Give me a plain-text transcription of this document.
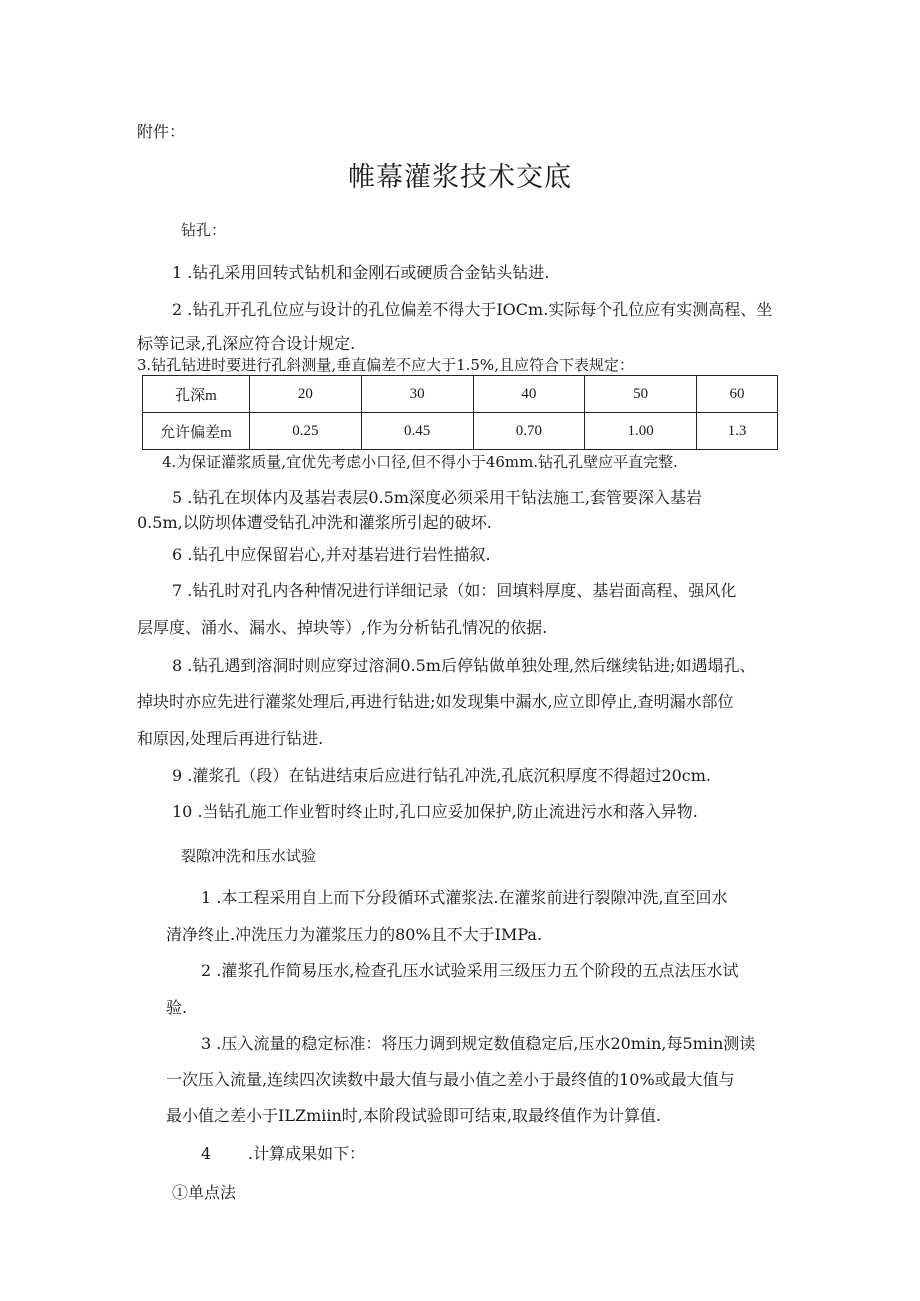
附件：
帷幕灌浆技术交底
钻孔：
1 .钻孔采用回转式钻机和金刚石或硬质合金钻头钻进.
2 .钻孔开孔孔位应与设计的孔位偏差不得大于IOCm.实际每个孔位应有实测高程、坐
标等记录,孔深应符合设计规定.
3.钻孔钻进时要进行孔斜测量,垂直偏差不应大于1.5%,且应符合下表规定：
孔深m	20	30	40	50	60
允许偏差m	0.25	0.45	0.70	1.00	1.3
4.为保证灌浆质量,宜优先考虑小口径,但不得小于46mm.钻孔孔壁应平直完整.
5 .钻孔在坝体内及基岩表层0.5m深度必须采用干钻法施工,套管要深入基岩
0.5m,以防坝体遭受钻孔冲洗和灌浆所引起的破坏.
6 .钻孔中应保留岩心,并对基岩进行岩性描叙.
7 .钻孔时对孔内各种情况进行详细记录（如：回填料厚度、基岩面高程、强风化
层厚度、涌水、漏水、掉块等）,作为分析钻孔情况的依据.
8 .钻孔遇到溶洞时则应穿过溶洞0.5m后停钻做单独处理,然后继续钻进;如遇塌孔、
掉块时亦应先进行灌浆处理后,再进行钻进;如发现集中漏水,应立即停止,查明漏水部位
和原因,处理后再进行钻进.
9 .灌浆孔（段）在钻进结束后应进行钻孔冲洗,孔底沉积厚度不得超过20cm.
10 .当钻孔施工作业暂时终止时,孔口应妥加保护,防止流进污水和落入异物.
裂隙冲洗和压水试验
1 .本工程采用自上而下分段循环式灌浆法.在灌浆前进行裂隙冲洗,直至回水
清净终止.冲洗压力为灌浆压力的80%且不大于IMPa.
2 .灌浆孔作简易压水,检查孔压水试验采用三级压力五个阶段的五点法压水试
验.
3 .压入流量的稳定标准：将压力调到规定数值稳定后,压水20min,每5min测读
一次压入流量,连续四次读数中最大值与最小值之差小于最终值的10%或最大值与
最小值之差小于ILZmiin时,本阶段试验即可结束,取最终值作为计算值.
4 .计算成果如下：
①单点法
